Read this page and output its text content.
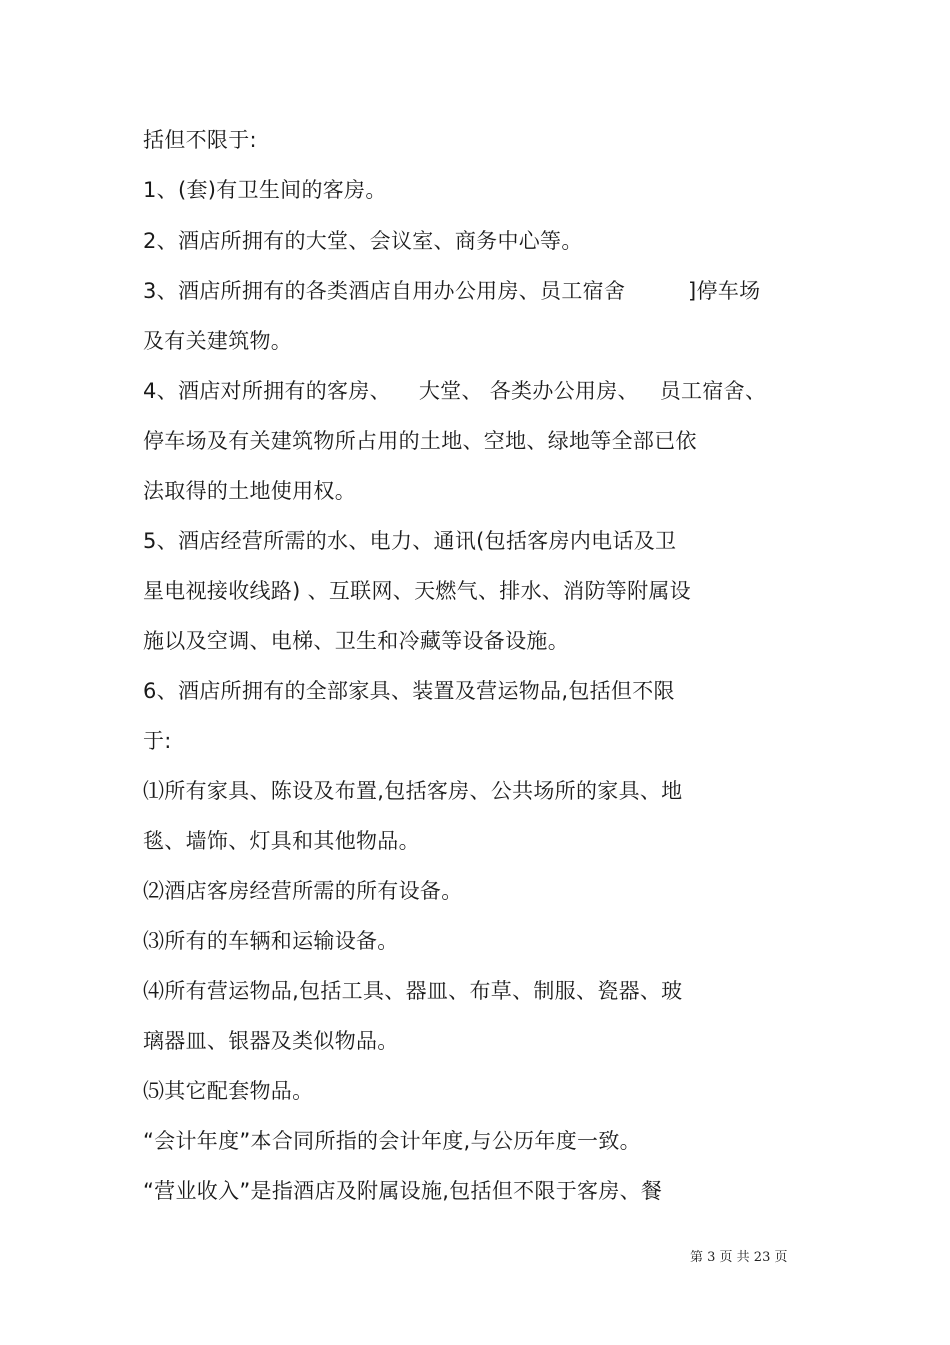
括但不限于:
1、(套)有卫生间的客房。
2、酒店所拥有的大堂、会议室、商务中心等。
3、酒店所拥有的各类酒店自用办公用房、员工宿舍         ]停车场
及有关建筑物。
4、酒店对所拥有的客房、    大堂、 各类办公用房、   员工宿舍、
停车场及有关建筑物所占用的土地、空地、绿地等全部已依
法取得的土地使用权。
5、酒店经营所需的水、电力、通讯(包括客房内电话及卫
星电视接收线路) 、互联网、天燃气、排水、消防等附属设
施以及空调、电梯、卫生和冷藏等设备设施。
6、酒店所拥有的全部家具、装置及营运物品,包括但不限
于:
⑴所有家具、陈设及布置,包括客房、公共场所的家具、地
毯、墙饰、灯具和其他物品。
⑵酒店客房经营所需的所有设备。
⑶所有的车辆和运输设备。
⑷所有营运物品,包括工具、器皿、布草、制服、瓷器、玻
璃器皿、银器及类似物品。
⑸其它配套物品。
“会计年度”本合同所指的会计年度,与公历年度一致。
“营业收入”是指酒店及附属设施,包括但不限于客房、餐
第 3 页 共 23 页
